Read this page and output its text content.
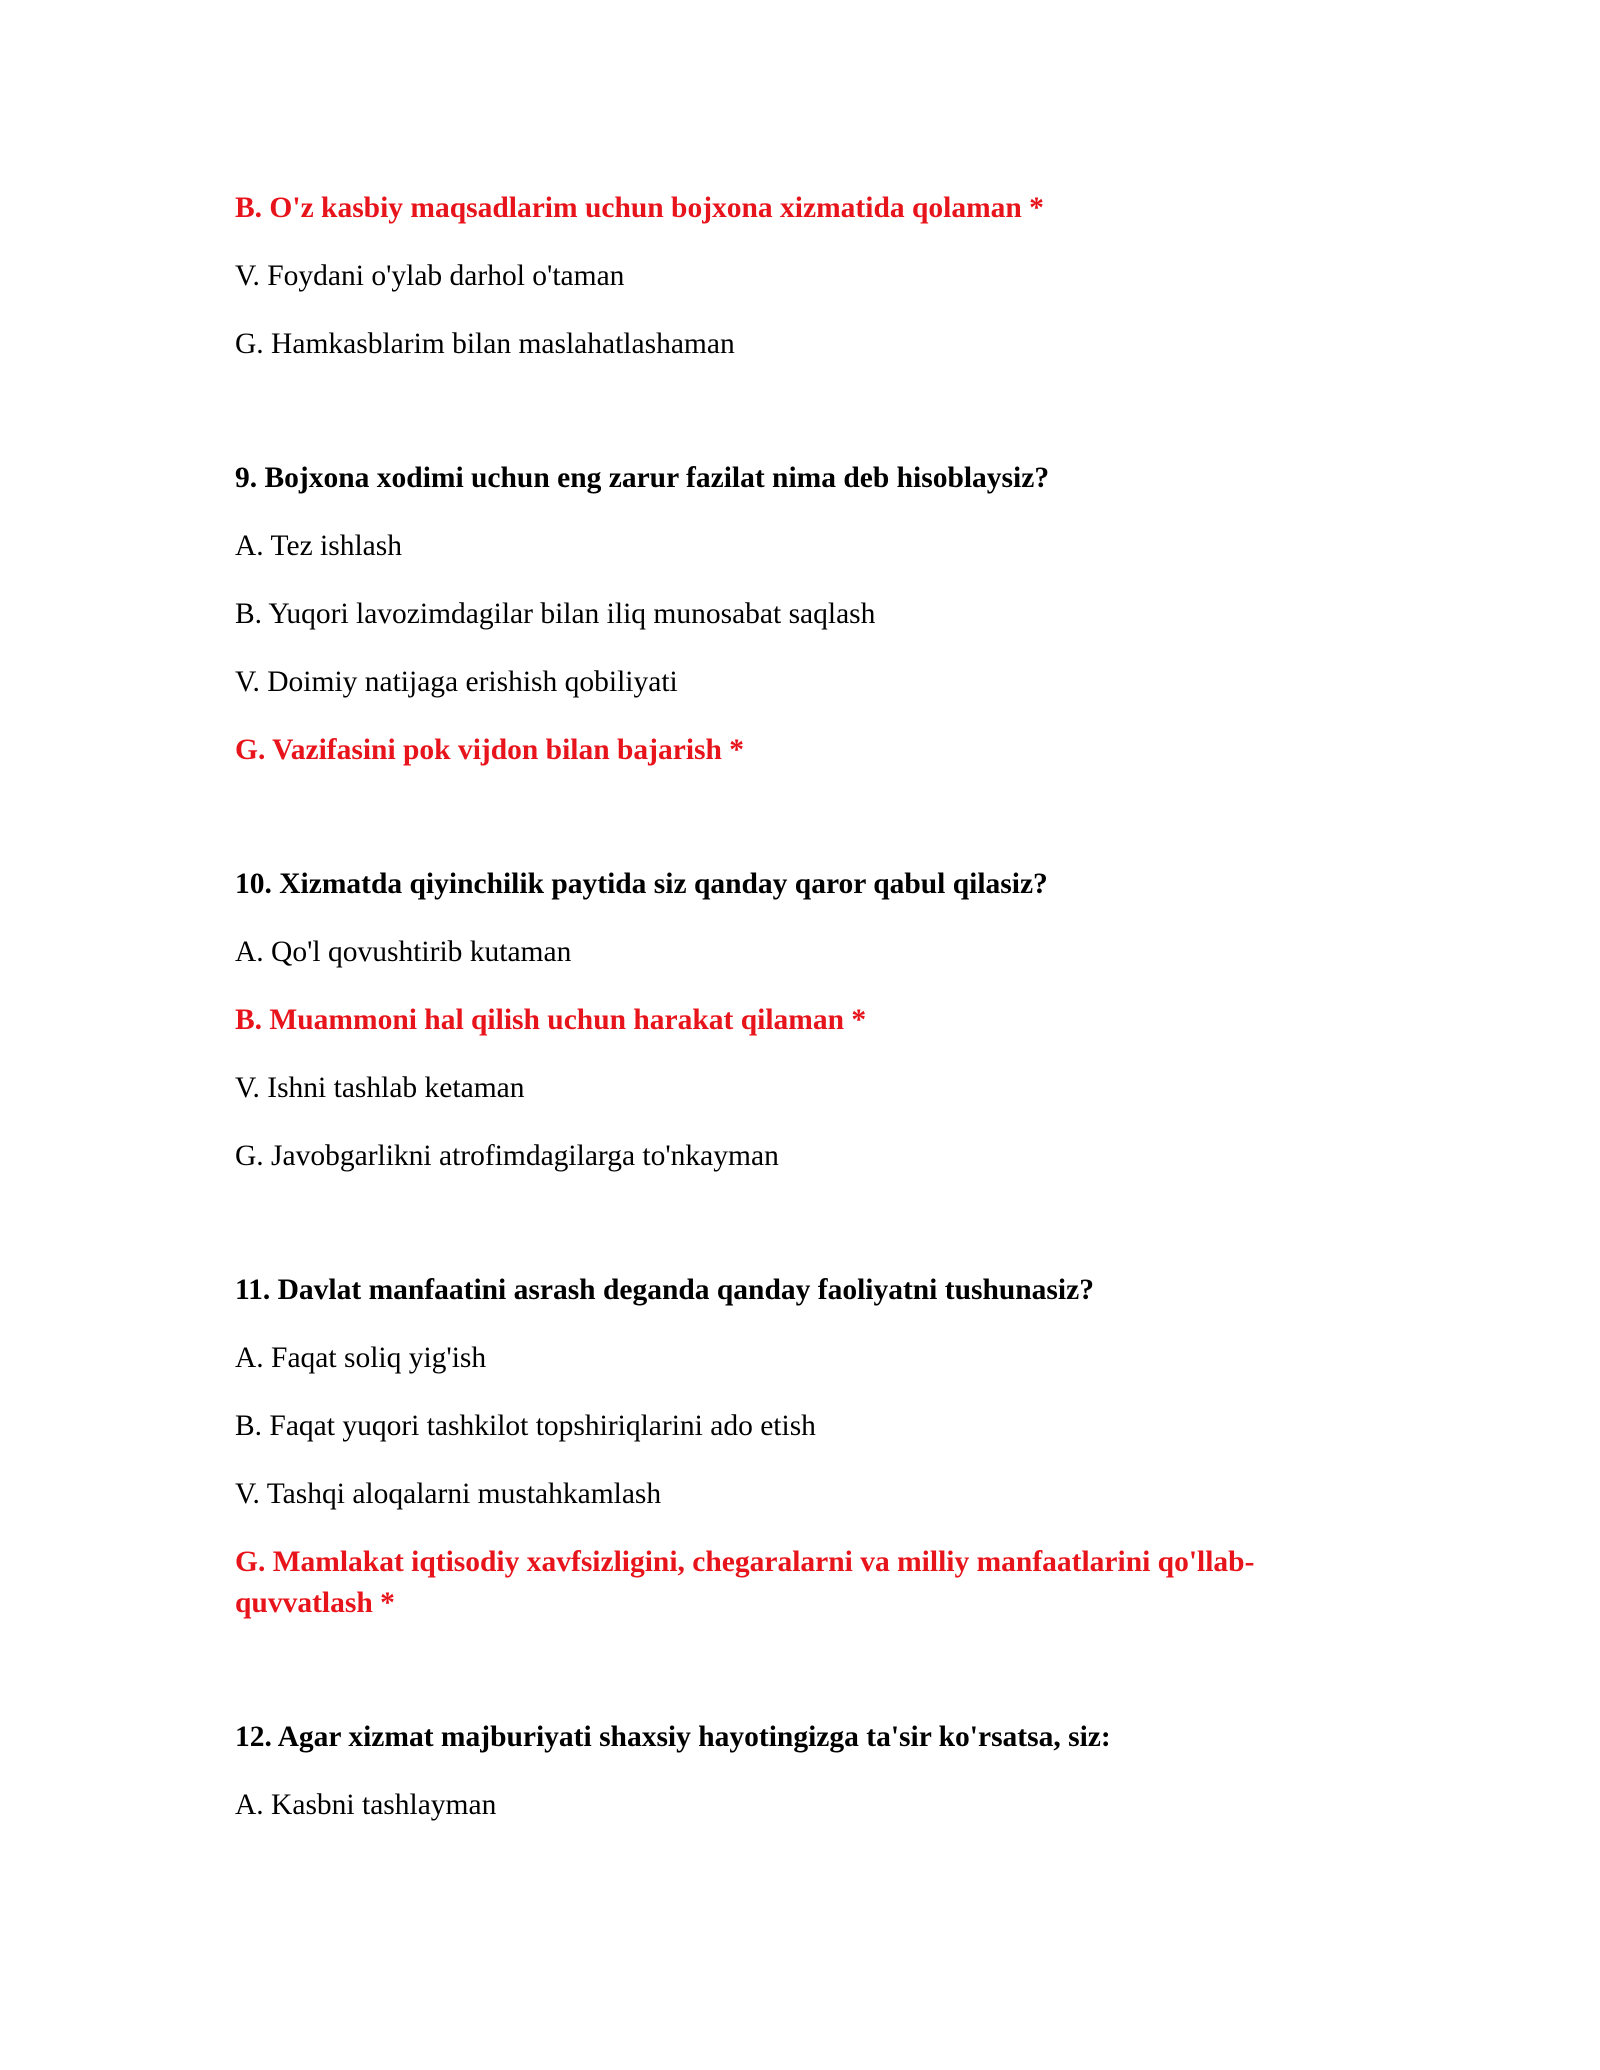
B. O'z kasbiy maqsadlarim uchun bojxona xizmatida qolaman *

V. Foydani o'ylab darhol o'taman

G. Hamkasblarim bilan maslahatlashaman

9. Bojxona xodimi uchun eng zarur fazilat nima deb hisoblaysiz?

A. Tez ishlash

B. Yuqori lavozimdagilar bilan iliq munosabat saqlash

V. Doimiy natijaga erishish qobiliyati

G. Vazifasini pok vijdon bilan bajarish *

10. Xizmatda qiyinchilik paytida siz qanday qaror qabul qilasiz?

A. Qo'l qovushtirib kutaman

B. Muammoni hal qilish uchun harakat qilaman *

V. Ishni tashlab ketaman

G. Javobgarlikni atrofimdagilarga to'nkayman

11. Davlat manfaatini asrash deganda qanday faoliyatni tushunasiz?

A. Faqat soliq yig'ish

B. Faqat yuqori tashkilot topshiriqlarini ado etish

V. Tashqi aloqalarni mustahkamlash

G. Mamlakat iqtisodiy xavfsizligini, chegaralarni va milliy manfaatlarini qo'llab-quvvatlash *

12. Agar xizmat majburiyati shaxsiy hayotingizga ta'sir ko'rsatsa, siz:

A. Kasbni tashlayman
